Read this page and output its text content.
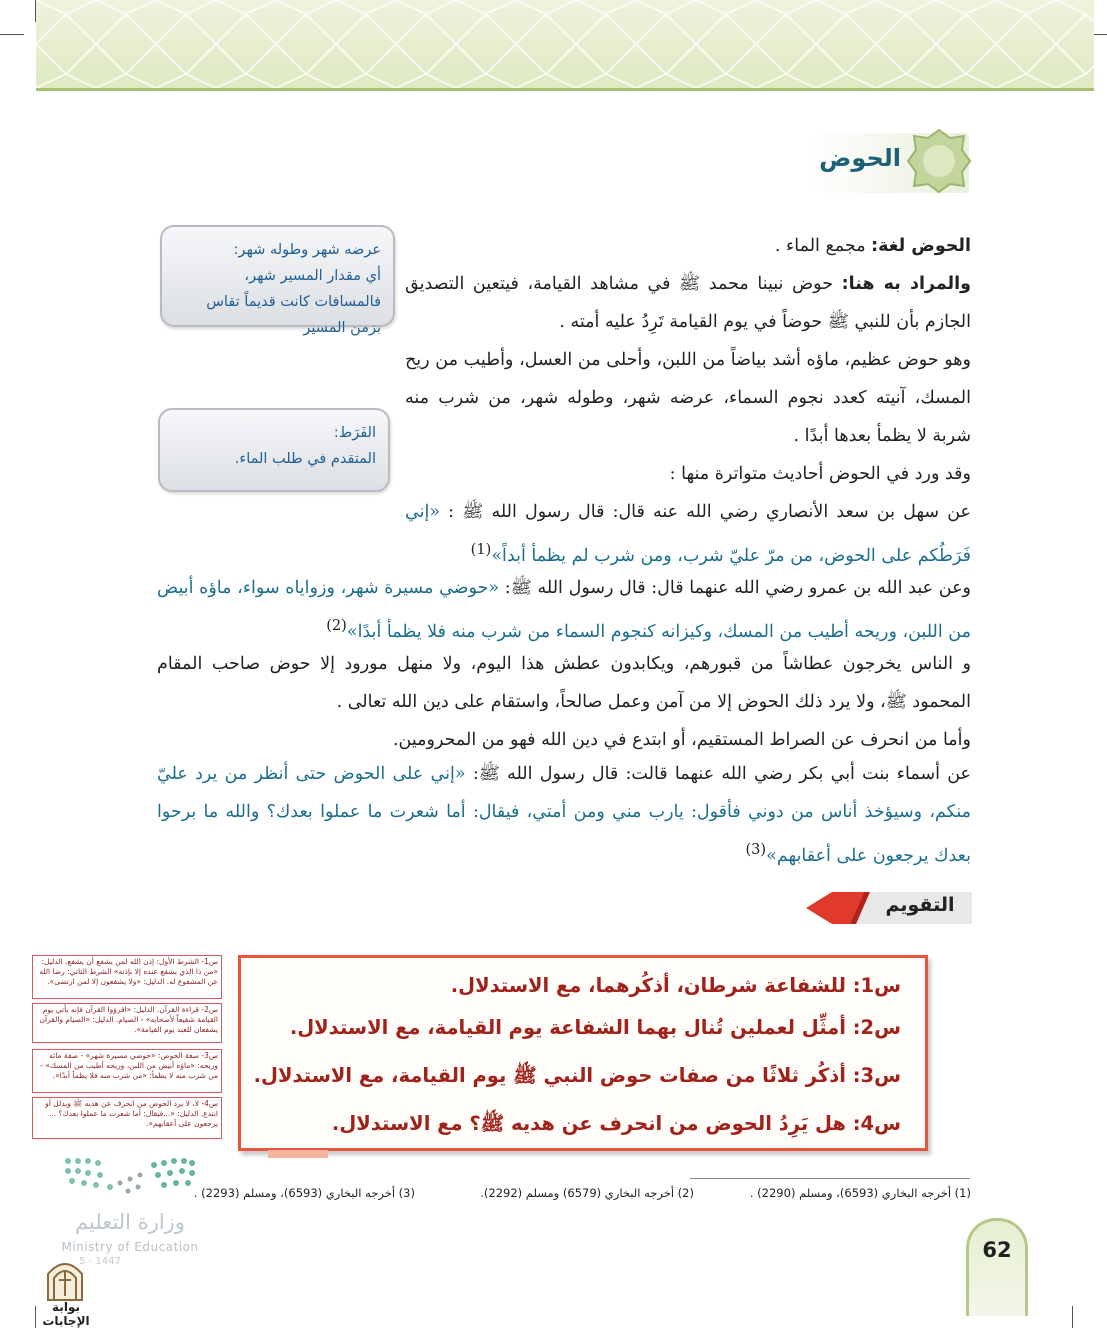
الحوض
عرضه شهر وطوله شهر:
أي مقدار المسير شهر، فالمسافات كانت قديماً تقاس بزمن المسير
الفَرَط:
المتقدم في طلب الماء.

الحوض لغة: مجمع الماء .

والمراد به هنا: حوض نبينا محمد ﷺ في مشاهد القيامة، فيتعين التصديق الجازم بأن للنبي ﷺ حوضاً في يوم القيامة تَرِدُ عليه أمته .

وهو حوض عظيم، ماؤه أشد بياضاً من اللبن، وأحلى من العسل، وأطيب من ريح المسك، آنيته كعدد نجوم السماء، عرضه شهر، وطوله شهر، من شرب منه شربة لا يظمأ بعدها أبدًا .

وقد ورد في الحوض أحاديث متواترة منها :

عن سهل بن سعد الأنصاري رضي الله عنه قال: قال رسول الله ﷺ : «إني فَرَطُكم على الحوض، من مرّ عليّ شرب، ومن شرب لم يظمأ أبداً»$^{(1)}$

وعن عبد الله بن عمرو رضي الله عنهما قال: قال رسول الله ﷺ: «حوضي مسيرة شهر، وزواياه سواء، ماؤه أبيض من اللبن، وريحه أطيب من المسك، وكيزانه كنجوم السماء من شرب منه فلا يظمأ أبدًا»$^{(2)}$

و الناس يخرجون عطاشاً من قبورهم، ويكابدون عطش هذا اليوم، ولا منهل مورود إلا حوض صاحب المقام المحمود ﷺ، ولا يرد ذلك الحوض إلا من آمن وعمل صالحاً، واستقام على دين الله تعالى .

وأما من انحرف عن الصراط المستقيم، أو ابتدع في دين الله فهو من المحرومين.

عن أسماء بنت أبي بكر رضي الله عنهما قالت: قال رسول الله ﷺ: «إني على الحوض حتى أنظر من يرد عليّ منكم، وسيؤخذ أناس من دوني فأقول: يارب مني ومن أمتي، فيقال: أما شعرت ما عملوا بعدك؟ والله ما برحوا بعدك يرجعون على أعقابهم»$^{(3)}$

التقويم
س1: للشفاعة شرطان، أذكُرهما، مع الاستدلال.
س2: أمثِّل لعملين تُنال بهما الشفاعة يوم القيامة، مع الاستدلال.
س3: أذكُر ثلاثًا من صفات حوض النبي ﷺ يوم القيامة، مع الاستدلال.
س4: هل يَرِدُ الحوض من انحرف عن هديه ﷺ؟ مع الاستدلال.
س1- الشرط الأول: إذن الله لمن يشفع أن يشفع. الدليل: «من ذا الذي يشفع عنده إلا بإذنه» الشرط الثاني: رضا الله عن المشفوع له. الدليل: «ولا يشفعون إلا لمن ارتضى».
س2- قراءة القرآن. الدليل: «اقرؤوا القرآن فإنه يأتي يوم القيامة شفيعاً لأصحابه» - الصيام. الدليل: «الصيام والقرآن يشفعان للعبد يوم القيامة».
س3- سعة الحوض: «حوضي مسيرة شهر» - صفة مائه وريحه: «ماؤه أبيض من اللبن، وريحه أطيب من المسك» - من شرب منه لا يظمأ: «من شرب منه فلا يظمأ أبدًا».
س4- لا، لا يرد الحوض من انحرف عن هديه ﷺ ويدلل أو ابتدع. الدليل: «...فيقال: أما شعرت ما عملوا بعدك؟ ... يرجعون على أعقابهم».
(1) أخرجه البخاري (6593)، ومسلم (2290) .
(2) أخرجه البخاري (6579) ومسلم (2292).
(3) أخرجه البخاري (6593)، ومسلم (2293) .
وزارة التعليم
Ministry of Education
5 - 1447
بوابة الإجابات
62
